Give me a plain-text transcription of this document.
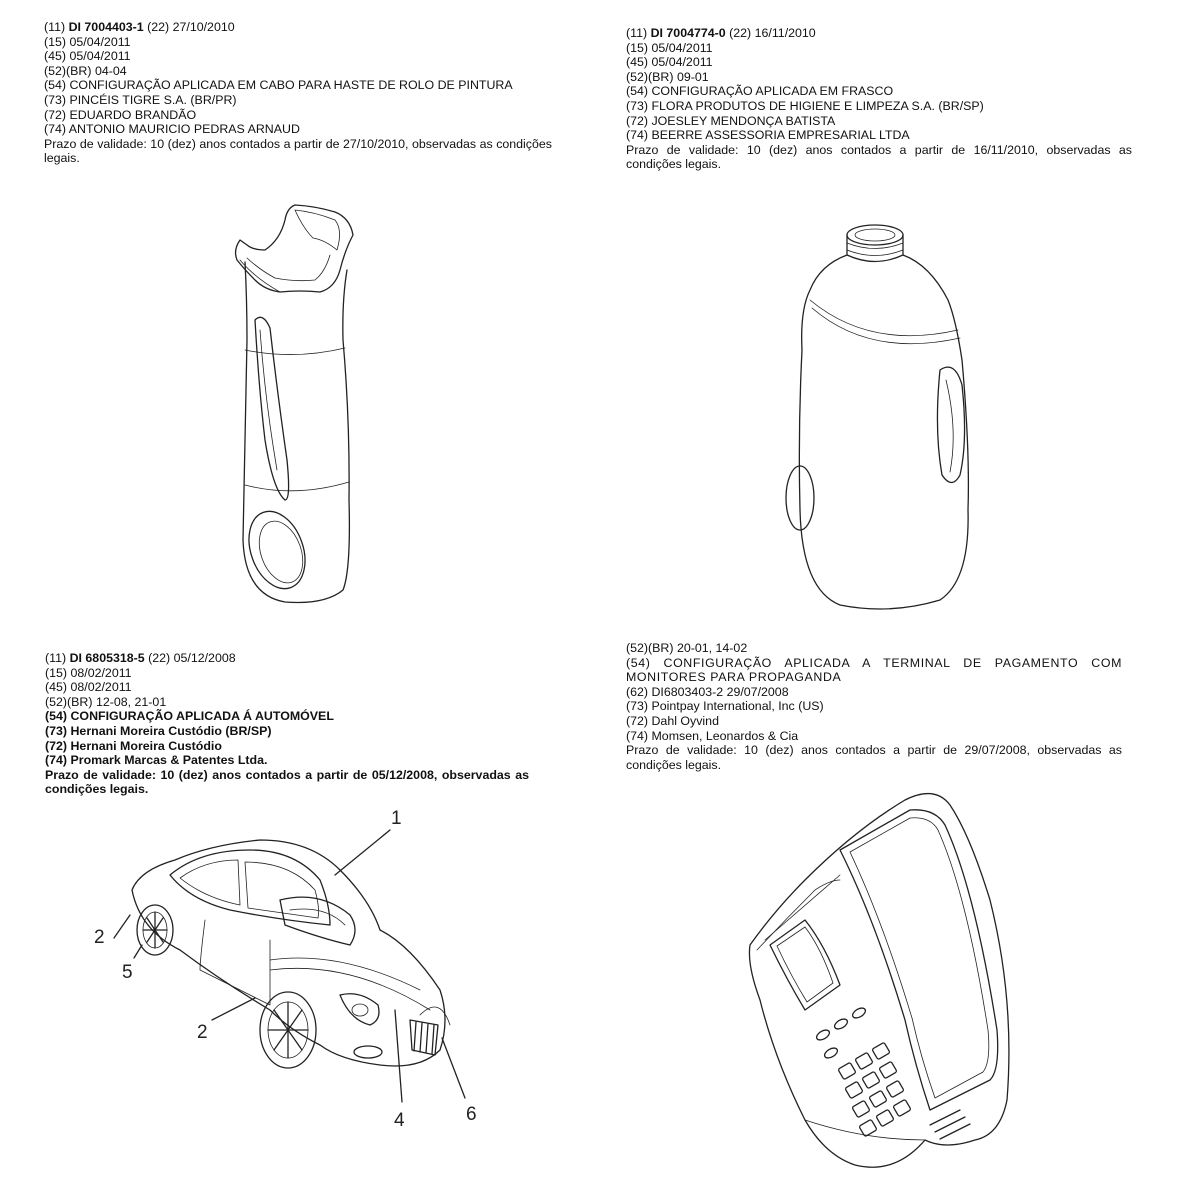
(11) DI 7004403-1 (22) 27/10/2010
(15) 05/04/2011
(45) 05/04/2011
(52)(BR) 04-04
(54) CONFIGURAÇÃO APLICADA EM CABO PARA HASTE DE ROLO DE PINTURA
(73) PINCÉIS TIGRE S.A. (BR/PR)
(72) EDUARDO BRANDÃO
(74) ANTONIO MAURICIO PEDRAS ARNAUD
Prazo de validade: 10 (dez) anos contados a partir de 27/10/2010, observadas as condições legais.
(11) DI 7004774-0 (22) 16/11/2010
(15) 05/04/2011
(45) 05/04/2011
(52)(BR) 09-01
(54) CONFIGURAÇÃO APLICADA EM FRASCO
(73) FLORA PRODUTOS DE HIGIENE E LIMPEZA S.A. (BR/SP)
(72) JOESLEY MENDONÇA BATISTA
(74) BEERRE ASSESSORIA EMPRESARIAL LTDA
Prazo de validade: 10 (dez) anos contados a partir de 16/11/2010, observadas as condições legais.
(11) DI 6805318-5 (22) 05/12/2008
(15) 08/02/2011
(45) 08/02/2011
(52)(BR) 12-08, 21-01
(54) CONFIGURAÇÃO APLICADA Á AUTOMÓVEL
(73) Hernani Moreira Custódio (BR/SP)
(72) Hernani Moreira Custódio
(74) Promark Marcas & Patentes Ltda.
Prazo de validade: 10 (dez) anos contados a partir de 05/12/2008, observadas as condições legais.
(52)(BR) 20-01, 14-02
(54) CONFIGURAÇÃO APLICADA A TERMINAL DE PAGAMENTO COM MONITORES PARA PROPAGANDA
(62) DI6803403-2 29/07/2008
(73) Pointpay International, Inc (US)
(72) Dahl Oyvind
(74) Momsen, Leonardos & Cia
Prazo de validade: 10 (dez) anos contados a partir de 29/07/2008, observadas as condições legais.
1
2
5
2
4	6
